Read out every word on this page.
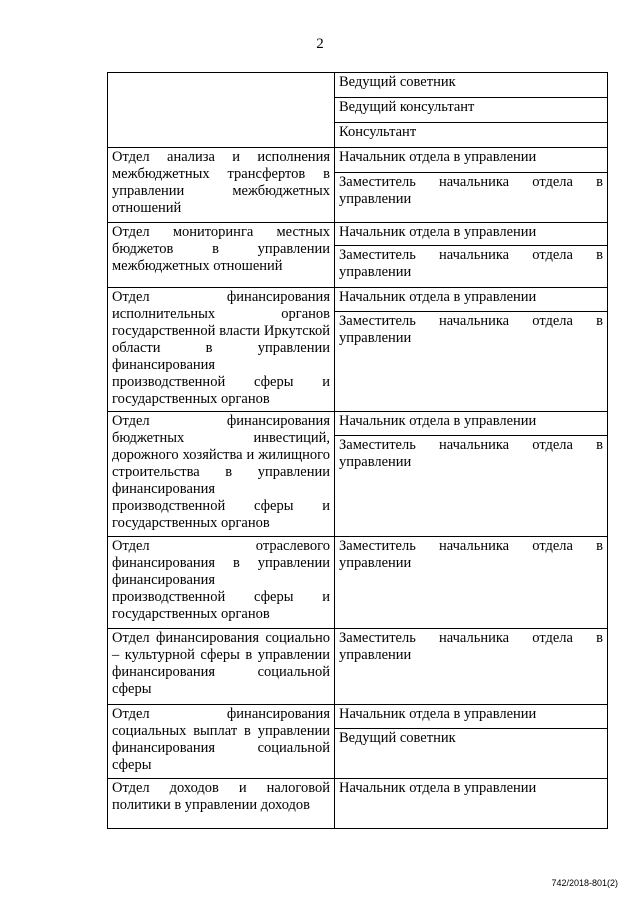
2
	Ведущий советник
	Ведущий консультант
	Консультант
Отдел анализа и исполнения межбюджетных трансфертов в управлении межбюджетных отношений	Начальник отдела в управлении
	Заместитель начальника отдела в управлении
Отдел мониторинга местных бюджетов в управлении межбюджетных отношений	Начальник отдела в управлении
	Заместитель начальника отдела в управлении
Отдел финансирования исполнительных органов государственной власти Иркутской области в управлении финансирования производственной сферы и государственных органов	Начальник отдела в управлении
	Заместитель начальника отдела в управлении
Отдел финансирования бюджетных инвестиций, дорожного хозяйства и жилищного строительства в управлении финансирования производственной сферы и государственных органов	Начальник отдела в управлении
	Заместитель начальника отдела в управлении
Отдел отраслевого финансирования в управлении финансирования производственной сферы и государственных органов	Заместитель начальника отдела в управлении
Отдел финансирования социально – культурной сферы в управлении финансирования социальной сферы	Заместитель начальника отдела в управлении
Отдел финансирования социальных выплат в управлении финансирования социальной сферы	Начальник отдела в управлении
	Ведущий советник
Отдел доходов и налоговой политики в управлении доходов	Начальник отдела в управлении
742/2018-801(2)
